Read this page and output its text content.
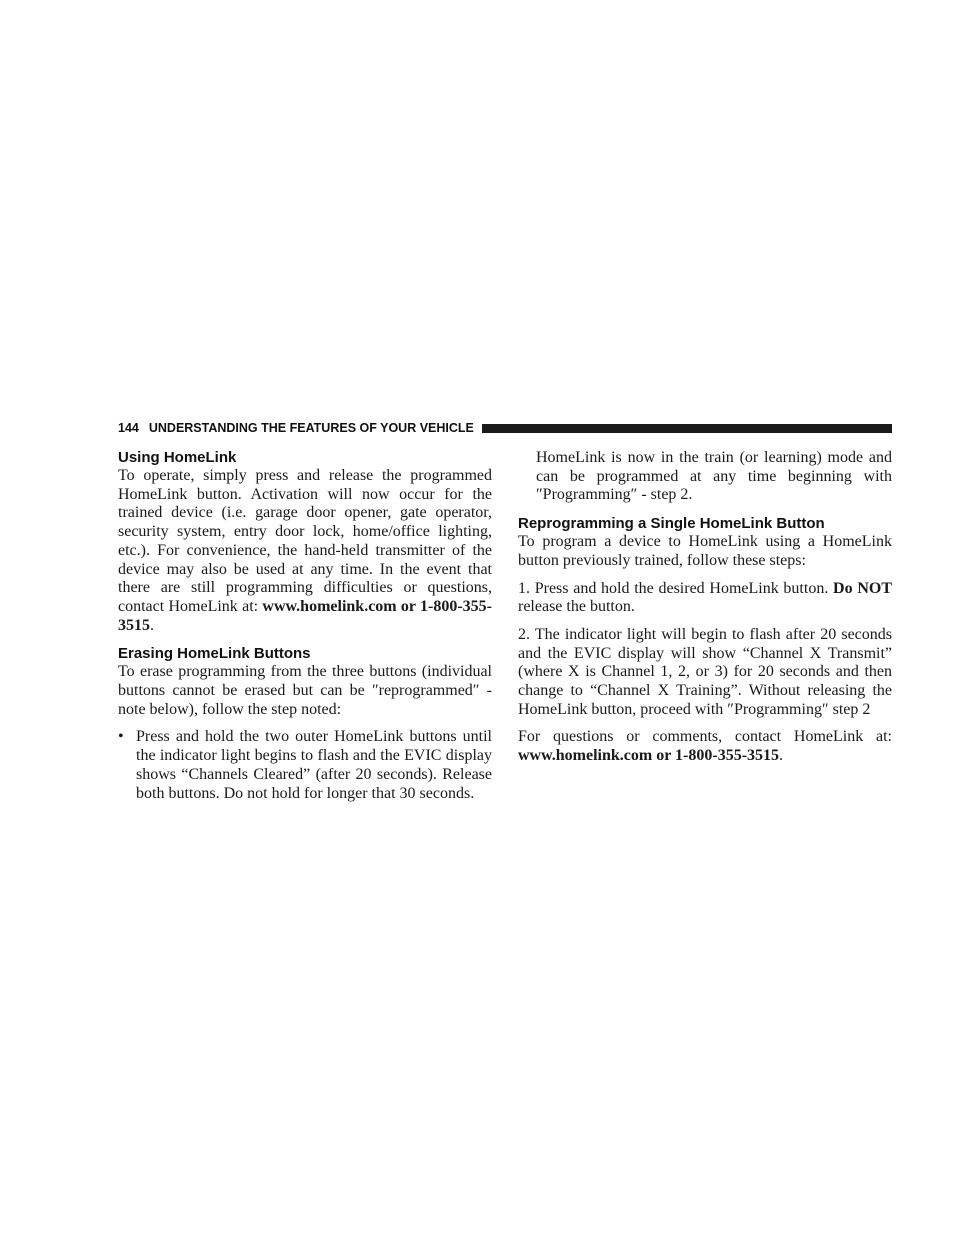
144 UNDERSTANDING THE FEATURES OF YOUR VEHICLE
Using HomeLink

To operate, simply press and release the programmed HomeLink button. Activation will now occur for the trained device (i.e. garage door opener, gate operator, security system, entry door lock, home/office lighting, etc.). For convenience, the hand-held transmitter of the device may also be used at any time. In the event that there are still programming difficulties or questions, contact HomeLink at: www.homelink.com or 1-800-355-3515.

Erasing HomeLink Buttons

To erase programming from the three buttons (individual buttons cannot be erased but can be ″reprogrammed″ - note below), follow the step noted:

• Press and hold the two outer HomeLink buttons until the indicator light begins to flash and the EVIC display shows “Channels Cleared” (after 20 seconds). Release both buttons. Do not hold for longer that 30 seconds.

HomeLink is now in the train (or learning) mode and can be programmed at any time beginning with ″Programming″ - step 2.

Reprogramming a Single HomeLink Button

To program a device to HomeLink using a HomeLink button previously trained, follow these steps:

1. Press and hold the desired HomeLink button. Do NOT release the button.

2. The indicator light will begin to flash after 20 seconds and the EVIC display will show “Channel X Transmit” (where X is Channel 1, 2, or 3) for 20 seconds and then change to “Channel X Training”. Without releasing the HomeLink button, proceed with ″Programming″ step 2

For questions or comments, contact HomeLink at: www.homelink.com or 1-800-355-3515.
